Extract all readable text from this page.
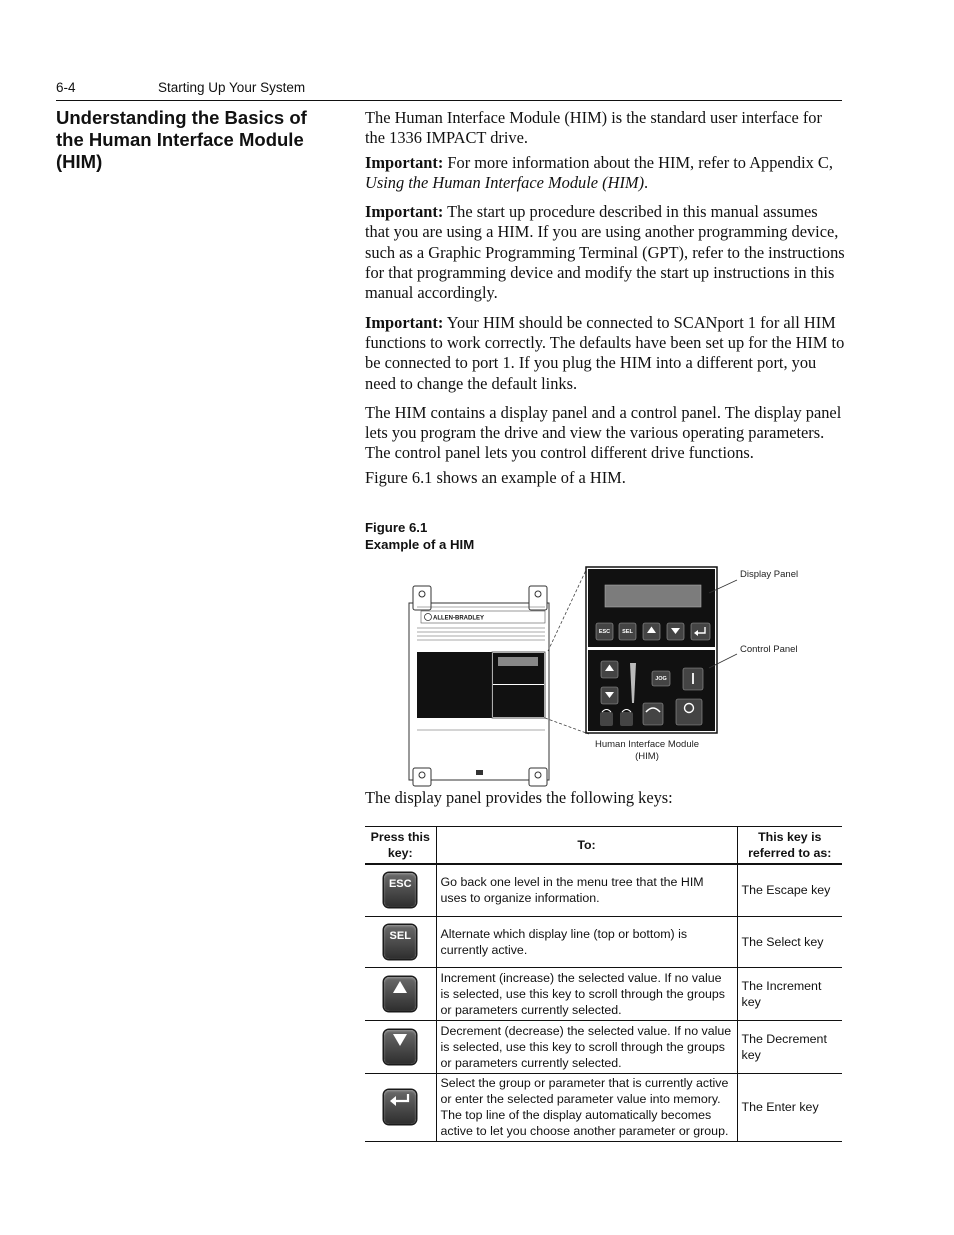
6-4	Starting Up Your System
Understanding the Basics of the Human Interface Module (HIM)

The Human Interface Module (HIM) is the standard user interface for the 1336 IMPACT drive.

Important: For more information about the HIM, refer to Appendix C, Using the Human Interface Module (HIM).

Important: The start up procedure described in this manual assumes that you are using a HIM. If you are using another programming device, such as a Graphic Programming Terminal (GPT), refer to the instructions for that programming device and modify the start up instructions in this manual accordingly.

Important: Your HIM should be connected to SCANport 1 for all HIM functions to work correctly. The defaults have been set up for the HIM to be connected to port 1. If you plug the HIM into a different port, you need to change the default links.

The HIM contains a display panel and a control panel. The display panel lets you program the drive and view the various operating parameters. The control panel lets you control different drive functions.

Figure 6.1 shows an example of a HIM.

Figure 6.1
Example of a HIM
ALLEN-BRADLEY
ESC SEL
JOG
Display Panel
Control Panel
Human Interface Module (HIM)
The display panel provides the following keys:
Press this key:	To:	This key is referred to as:

ESC	Go back one level in the menu tree that the HIM uses to organize information.	The Escape key

SEL	Alternate which display line (top or bottom) is currently active.	The Select key

	Increment (increase) the selected value. If no value is selected, use this key to scroll through the groups or parameters currently selected.	The Increment key

	Decrement (decrease) the selected value. If no value is selected, use this key to scroll through the groups or parameters currently selected.	The Decrement key

	Select the group or parameter that is currently active or enter the selected parameter value into memory. The top line of the display automatically becomes active to let you choose another parameter or group.	The Enter key
